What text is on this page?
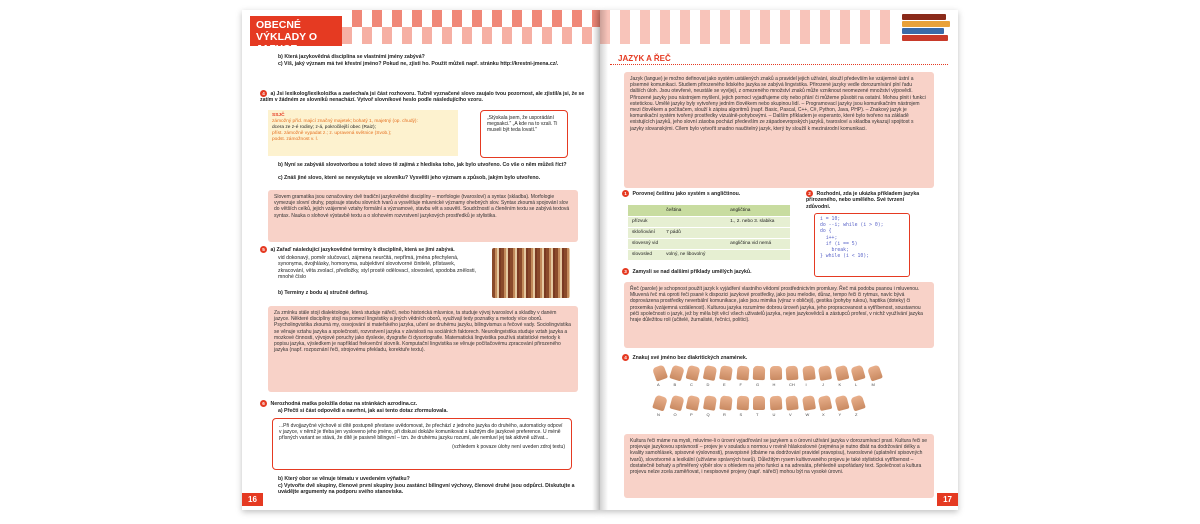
OBECNÉ VÝKLADY O JAZYCE
b) Která jazykovědná disciplína se vlastními jmény zabývá?
c) Víš, jaký význam má tvé křestní jméno? Pokud ne, zjisti ho. Použít můžeš např. stránku http://krestni-jmena.cz/.
4 a) Jsi lexikolog/lexikoložka a zaelecha/a jsi část rozhovoru. Tučně vyznačené slovo zaujalo tvou pozornost, ale zjistil/a jsi, že se zatím v žádném ze slovníků nenachází. Vytvoř slovníkové heslo podle následujícího vzoru.
SSJČ
zámožný příd. majicí značný majetek; bohatý 1, majetný (op. chudý):
dcera ze z-é rodiny; z-á, pokročilejší obec (Raiz);
příst. zámožně vypadat z.; z. upravená světnice (Svob.);
podst. zámožnost v. l.
„Stýskala jsem, že usporádání megsakci." „A kde na to vzali. Ti museli být teda lovatí."
b) Nyní se zabýváš slovotvorbou a totež slovo tě zajímá z hlediska toho, jak bylo utvořeno. Co vše o něm můžeš říct?
c) Znáš jiné slovo, které se nevyskytuje ve slovníku? Vysvětli jeho význam a způsob, jakým bylo utvořeno.
Slovem gramatika jsou označovány dvě tradiční jazykovědné disciplíny – morfologie (tvarosloví) a syntax (skladba). Morfologie vymezuje slovní druhy, popisuje stavbu slovních tvarů a vysvětluje mluvnické významy ohebných slov. Syntax zkoumá spojování slov do větších celků, jejich vzájemné vztahy formální a významové, stavbu vět a souvětí. Soudržností a členěním textu se zabývá textová syntax. Nauka o slohové výstavbě textu a o slohovém rozvrstvení jazykových prostředků je stylistika.
5 a) Zařaď následující jazykovědné termíny k disciplíně, která se jimi zabývá.
vid dokonavý, poměr slučovací, zájmena neurčitá, nepřímá, jména přechylená, synonyma, dvojhlásky, homonyma, subjektivní slovotvorné činitelé, přístavek, zkracování, věta zvolací, předložky, styl prostě odělovací, slovosled, spodoba znělosti, mnohé číslo
b) Termíny z bodu a) stručně definuj.
Za zmínku stále stojí dialektologie, která studuje nářečí, nebo historická mluvnice, ta studuje vývoj tvarosloví a skladby v daném jazyce. Některé disciplíny stojí na pomezí lingvistiky a jiných vědních oborů, využívají tedy poznatky a metody více oborů. Psycholingvistika zkoumá my, osvojování si mateřského jazyka, učení se druhému jazyku, bilingvismus a řečové vady. Sociolingvistika se věnuje vztahu jazyka a společnosti, rozvrstvení jazyka v závislosti na sociálních faktorech. Neurolingvistika studuje vztah jazyka a mozkové činnosti, vývojové poruchy jako dyslexie, dysgrafie či dysortografie. Matematická lingvistika používá statistické metody k popisu jazyka, výsledkem je například frekvenční slovník. Komputační lingvistika se věnuje počítačovému zpracování přirozeného jazyka (např. rozpoznání řeči, strojovému překladu, korektuře textu).
6 Nerozhodná matka položila dotaz na stránkách azrodina.cz.
a) Přečti si část odpovědi a navrhni, jak asi tento dotaz zformulovala.
...Při dvojjazyčné výchově si dítě postupně přestane uvědomovat, že přechází z jednoho jazyka do druhého, automaticky odpoví v jazyce, v němž je třeba jen vysloveno jeho jméno, při diskusi dokáže komunikovat s každým dle jazykové preference. U méně přísných variant se stává, že dítě je pasivně bilingvní – tzn. že druhému jazyku rozumí, ale nemluví jej tak aktivně užívat...
(vzhledem k povaze úlohy není uveden zdroj textu)
b) Který obor se věnuje tématu v uvedeném výňatku?
c) Vytvořte dvě skupiny, členové první skupiny jsou zastánci bilingvní výchovy, členové druhé jsou odpůrci. Diskutujte a uvádějte argumenty na podporu svého stanoviska.
16
JAZYK A ŘEČ
Jazyk (langue) je možno definovat jako systém ustálených znaků a pravidel jejich užívání, slouží především ke vzájemné ústní a písemné komunikaci. Studiem přirozeného lidského jazyka se zabývá lingvistika. Přirozené jazyky vedle dorozumívání plní řadu dalších úloh. Jsou otevřené, neustále se vyvíjejí, z omezeného množství znaků může vzniknout neomezené množství výpovědí. Přirozené jazyky jsou nástrojem myšlení, jejich pomocí vyjadřujeme city nebo přání či můžeme působit na ostatní. Mohou plnit i funkci estetickou. Umělé jazyky byly vytvořeny jedním člověkem nebo skupinou lidí. – Programovací jazyky jsou komunikačním nástrojem mezi člověkem a počítačem, slouží k zápisu algoritmů (např. Basic, Pascal, C++, C#, Python, Java, PHP). – Znakový jazyk je komunikační systém tvořený prostředky vizuálně-pohybovými. – Dalším příkladem je esperanto, které bylo tvořeno na základě existujících jazyků, jeho slovní zásoba pochází především ze západoevropských jazyků, tvarosloví a skladba vykazují spojitost s jazyky slovanskými. Cílem bylo vytvořit snadno naučitelný jazyk, který by sloužil k mezinárodní komunikaci.
1 Porovnej češtinu jako systém s angličtinou.
	čeština	angličtina
přízvuk		1., 2. nebo 3. slabika
skloňování	7 pádů	
slovesný vid		angličtina vid nemá
slovosled	volný, ne libovolný	
2 Rozhodni, zda je ukázka příkladem jazyka přirozeného, nebo umělého. Své tvrzení zdůvodni.
i = 10;
do --i; while (i > 0);
do {
i++;
if (i == 5)
break;
} while (i < 10);
3 Zamysli se nad dalšími příklady umělých jazyků.
Řeč (parole) je schopnost použít jazyk k vyjádření vlastního vědomí prostřednictvím promluvy. Řeč má podobu psanou i mluvenou. Mluvená řeč má oproti řeči psané k dispozici jazykové prostředky, jako jsou melodie, důraz, tempo řeči či rytmus, navíc bývá doprovázena prostředky neverbální komunikace, jako jsou mimika (výraz v obličeji), gestika (pohyby rukou), haptika (doteky) či proxemika (vzájemná vzdálenost). Kulturou jazyka rozumíme dobrou úroveň jazyka, jeho propracovanost a vytříbenost, soustavnou péči společnosti o jazyk, jež by měla být věcí všech uživatelů jazyka, nejen jazykovědců a zástupců profesí, v nichž využívání jazyka hraje důležitou roli (učitelé, žurnalisté, řečníci, politici).
4 Znakuj své jméno bez diakritických znamének.
A	B	C	D	E	F	G	H	CH	I	J	K	L	M
N	O	P	Q	R	S	T	U	V	W	X	Y	Z
Kultura řeči máme na mysli, mluvíme-li o úrovni vyjadřování se jazykem a o úrovni užívání jazyka v dorozumívací praxi. Kultura řeči se projevuje jazykovou správností – projev je v souladu s normou v rovině hláskoslovné (zejména je nutno dbát na dodržování délky a kvality samohlásek, spisovné výslovnosti), pravopisné (dbáme na dodržování pravidel pravopisu), tvaroslovné (uplatnění spisovných tvarů), slovotvorné a lexikální (užíváme správných tvarů). Důležitým rysem kultivovaného projevu je také stylistická vytříbenost – dostatečně bohatý a přiměřený výběr slov s ohledem na jeho funkci a na adresáta, přehledně uspořádaný text. Společnost a kultura projevu nelze zcela zaměňovat, i nespisovné projevy (např. nářečí) mohou být na vysoké úrovni.
17
